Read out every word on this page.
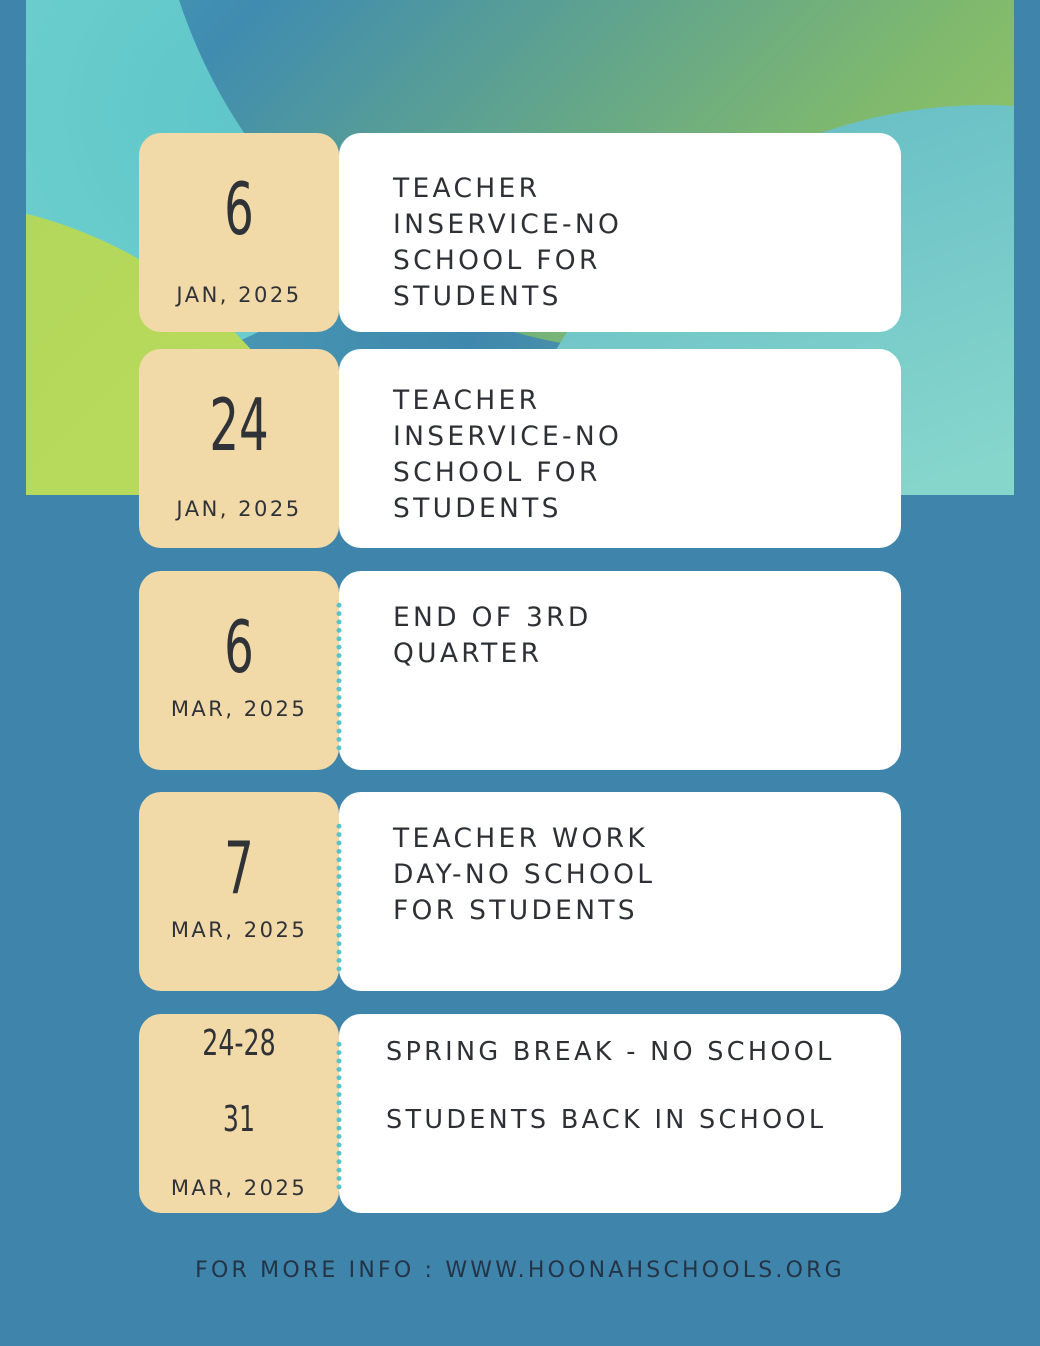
6
JAN, 2025
TEACHER
INSERVICE-NO
SCHOOL FOR
STUDENTS
24
JAN, 2025
TEACHER
INSERVICE-NO
SCHOOL FOR
STUDENTS
6
MAR, 2025
END OF 3RD
QUARTER
7
MAR, 2025
TEACHER WORK
DAY-NO SCHOOL
FOR STUDENTS
24-28
31
MAR, 2025
SPRING BREAK - NO SCHOOL
STUDENTS BACK IN SCHOOL
FOR MORE INFO : WWW.HOONAHSCHOOLS.ORG
